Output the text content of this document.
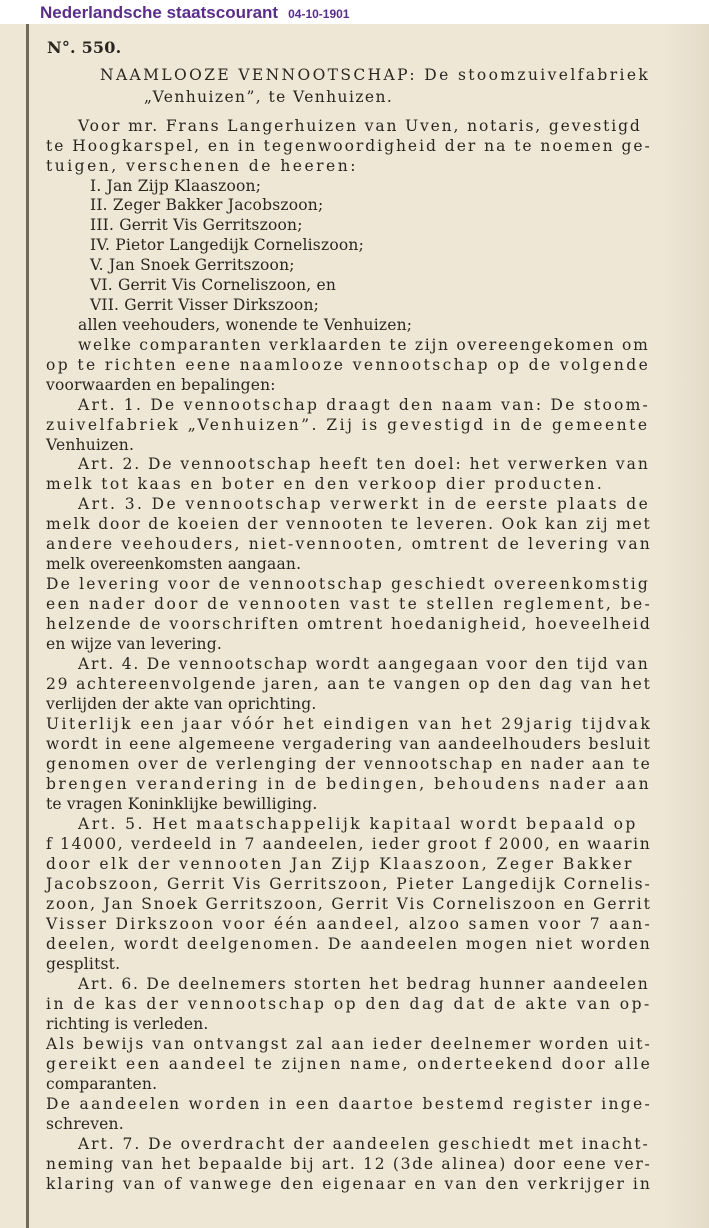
Nederlandsche staatscourant 04-10-1901
N°. 550.
NAAMLOOZE VENNOOTSCHAP: De stoomzuivelfabriek
„Venhuizen”, te Venhuizen.
Voor mr. Frans Langerhuizen van Uven, notaris, gevestigd
te Hoogkarspel, en in tegenwoordigheid der na te noemen ge-
tuigen, verschenen de heeren:
I. Jan Zijp Klaaszoon;
II. Zeger Bakker Jacobszoon;
III. Gerrit Vis Gerritszoon;
IV. Pietor Langedijk Corneliszoon;
V. Jan Snoek Gerritszoon;
VI. Gerrit Vis Corneliszoon, en
VII. Gerrit Visser Dirkszoon;
allen veehouders, wonende te Venhuizen;
welke comparanten verklaarden te zijn overeengekomen om
op te richten eene naamlooze vennootschap op de volgende
voorwaarden en bepalingen:
Art. 1. De vennootschap draagt den naam van: De stoom-
zuivelfabriek „Venhuizen”. Zij is gevestigd in de gemeente
Venhuizen.
Art. 2. De vennootschap heeft ten doel: het verwerken van
melk tot kaas en boter en den verkoop dier producten.
Art. 3. De vennootschap verwerkt in de eerste plaats de
melk door de koeien der vennooten te leveren. Ook kan zij met
andere veehouders, niet-vennooten, omtrent de levering van
melk overeenkomsten aangaan.
De levering voor de vennootschap geschiedt overeenkomstig
een nader door de vennooten vast te stellen reglement, be-
helzende de voorschriften omtrent hoedanigheid, hoeveelheid
en wijze van levering.
Art. 4. De vennootschap wordt aangegaan voor den tijd van
29 achtereenvolgende jaren, aan te vangen op den dag van het
verlijden der akte van oprichting.
Uiterlijk een jaar vóór het eindigen van het 29jarig tijdvak
wordt in eene algemeene vergadering van aandeelhouders besluit
genomen over de verlenging der vennootschap en nader aan te
brengen verandering in de bedingen, behoudens nader aan
te vragen Koninklijke bewilliging.
Art. 5. Het maatschappelijk kapitaal wordt bepaald op
f 14000, verdeeld in 7 aandeelen, ieder groot f 2000, en waarin
door elk der vennooten Jan Zijp Klaaszoon, Zeger Bakker
Jacobszoon, Gerrit Vis Gerritszoon, Pieter Langedijk Cornelis-
zoon, Jan Snoek Gerritszoon, Gerrit Vis Corneliszoon en Gerrit
Visser Dirkszoon voor één aandeel, alzoo samen voor 7 aan-
deelen, wordt deelgenomen. De aandeelen mogen niet worden
gesplitst.
Art. 6. De deelnemers storten het bedrag hunner aandeelen
in de kas der vennootschap op den dag dat de akte van op-
richting is verleden.
Als bewijs van ontvangst zal aan ieder deelnemer worden uit-
gereikt een aandeel te zijnen name, onderteekend door alle
comparanten.
De aandeelen worden in een daartoe bestemd register inge-
schreven.
Art. 7. De overdracht der aandeelen geschiedt met inacht-
neming van het bepaalde bij art. 12 (3de alinea) door eene ver-
klaring van of vanwege den eigenaar en van den verkrijger in
